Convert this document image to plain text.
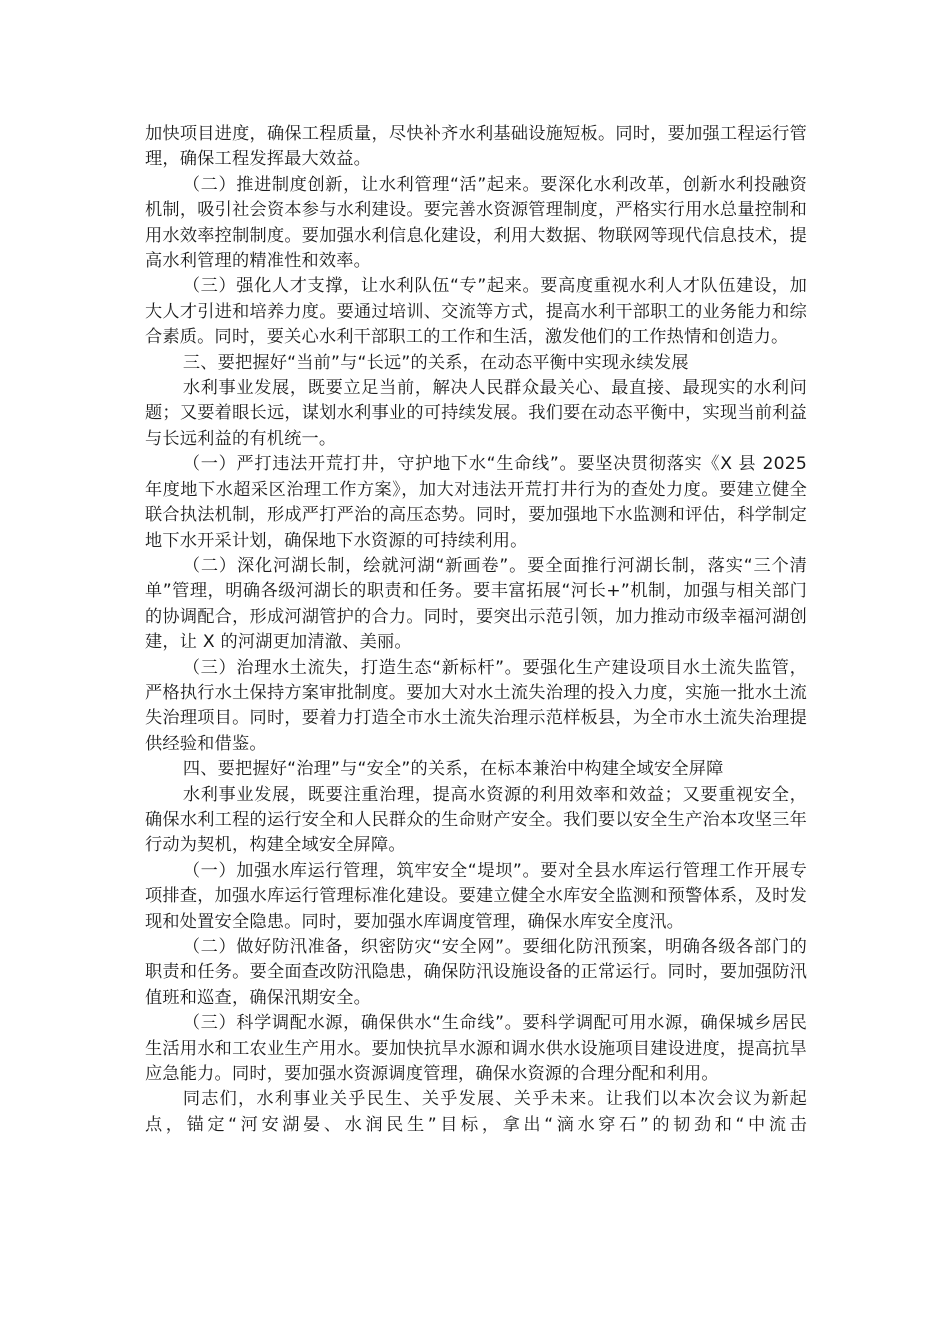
加快项目进度，确保工程质量，尽快补齐水利基础设施短板。同时，要加强工程运行管理，确保工程发挥最大效益。

（二）推进制度创新，让水利管理“活”起来。要深化水利改革，创新水利投融资机制，吸引社会资本参与水利建设。要完善水资源管理制度，严格实行用水总量控制和用水效率控制制度。要加强水利信息化建设，利用大数据、物联网等现代信息技术，提高水利管理的精准性和效率。

（三）强化人才支撑，让水利队伍“专”起来。要高度重视水利人才队伍建设，加大人才引进和培养力度。要通过培训、交流等方式，提高水利干部职工的业务能力和综合素质。同时，要关心水利干部职工的工作和生活，激发他们的工作热情和创造力。

三、要把握好“当前”与“长远”的关系，在动态平衡中实现永续发展

水利事业发展，既要立足当前，解决人民群众最关心、最直接、最现实的水利问题；又要着眼长远，谋划水利事业的可持续发展。我们要在动态平衡中，实现当前利益与长远利益的有机统一。

（一）严打违法开荒打井，守护地下水“生命线”。要坚决贯彻落实《X 县 2025 年度地下水超采区治理工作方案》，加大对违法开荒打井行为的查处力度。要建立健全联合执法机制，形成严打严治的高压态势。同时，要加强地下水监测和评估，科学制定地下水开采计划，确保地下水资源的可持续利用。

（二）深化河湖长制，绘就河湖“新画卷”。要全面推行河湖长制，落实“三个清单”管理，明确各级河湖长的职责和任务。要丰富拓展“河长+”机制，加强与相关部门的协调配合，形成河湖管护的合力。同时，要突出示范引领，加力推动市级幸福河湖创建，让 X 的河湖更加清澈、美丽。

（三）治理水土流失，打造生态“新标杆”。要强化生产建设项目水土流失监管，严格执行水土保持方案审批制度。要加大对水土流失治理的投入力度，实施一批水土流失治理项目。同时，要着力打造全市水土流失治理示范样板县，为全市水土流失治理提供经验和借鉴。

四、要把握好“治理”与“安全”的关系，在标本兼治中构建全域安全屏障

水利事业发展，既要注重治理，提高水资源的利用效率和效益；又要重视安全，确保水利工程的运行安全和人民群众的生命财产安全。我们要以安全生产治本攻坚三年行动为契机，构建全域安全屏障。

（一）加强水库运行管理，筑牢安全“堤坝”。要对全县水库运行管理工作开展专项排查，加强水库运行管理标准化建设。要建立健全水库安全监测和预警体系，及时发现和处置安全隐患。同时，要加强水库调度管理，确保水库安全度汛。

（二）做好防汛准备，织密防灾“安全网”。要细化防汛预案，明确各级各部门的职责和任务。要全面查改防汛隐患，确保防汛设施设备的正常运行。同时，要加强防汛值班和巡查，确保汛期安全。

（三）科学调配水源，确保供水“生命线”。要科学调配可用水源，确保城乡居民生活用水和工农业生产用水。要加快抗旱水源和调水供水设施项目建设进度，提高抗旱应急能力。同时，要加强水资源调度管理，确保水资源的合理分配和利用。

同志们，水利事业关乎民生、关乎发展、关乎未来。让我们以本次会议为新起点，锚定“河安湖晏、水润民生”目标，拿出“滴水穿石”的韧劲和“中流击
